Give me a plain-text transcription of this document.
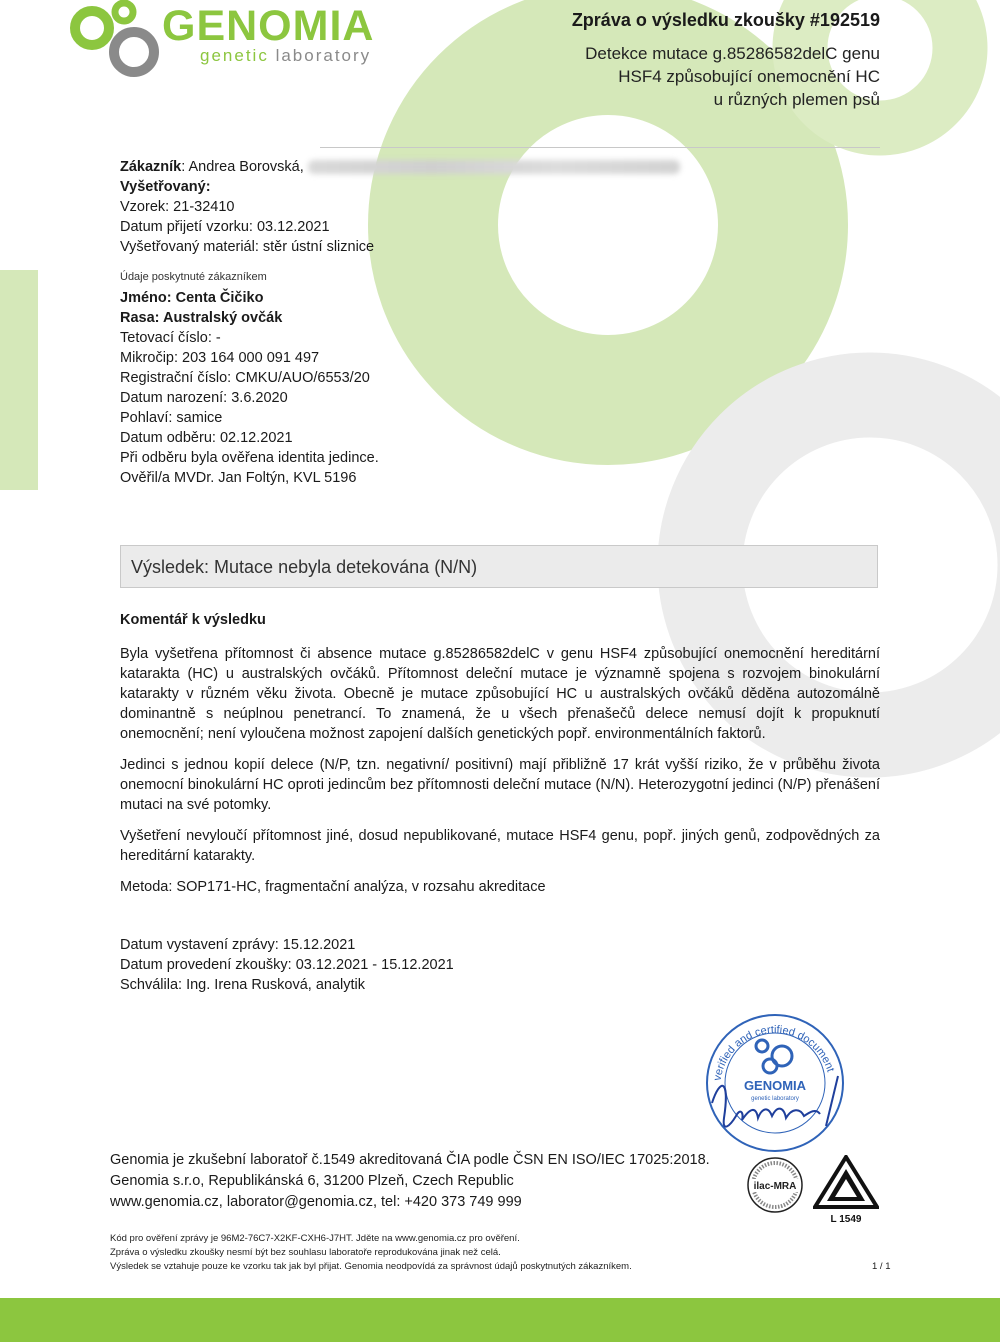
GENOMIA
genetic laboratory
Zpráva o výsledku zkoušky #192519
Detekce mutace g.85286582delC genu
HSF4 způsobující onemocnění HC
u různých plemen psů
Zákazník: Andrea Borovská,
Vyšetřovaný:
Vzorek: 21-32410
Datum přijetí vzorku: 03.12.2021
Vyšetřovaný materiál: stěr ústní sliznice
Údaje poskytnuté zákazníkem
Jméno: Centa Čičiko
Rasa: Australský ovčák
Tetovací číslo: -
Mikročip: 203 164 000 091 497
Registrační číslo: CMKU/AUO/6553/20
Datum narození: 3.6.2020
Pohlaví: samice
Datum odběru: 02.12.2021
Při odběru byla ověřena identita jedince.
Ověřil/a MVDr. Jan Foltýn, KVL 5196
Výsledek: Mutace nebyla detekována (N/N)
Komentář k výsledku

Byla vyšetřena přítomnost či absence mutace g.85286582delC v genu HSF4 způsobující onemocnění hereditární katarakta (HC) u australských ovčáků. Přítomnost deleční mutace je významně spojena s rozvojem binokulární katarakty v různém věku života. Obecně je mutace způsobující HC u australských ovčáků děděna autozomálně dominantně s neúplnou penetrancí. To znamená, že u všech přenašečů delece nemusí dojít k propuknutí onemocnění; není vyloučena možnost zapojení dalších genetických popř. environmentálních faktorů.

Jedinci s jednou kopií delece (N/P, tzn. negativní/ positivní) mají přibližně 17 krát vyšší riziko, že v průběhu života onemocní binokulární HC oproti jedincům bez přítomnosti deleční mutace (N/N). Heterozygotní jedinci (N/P) přenášení mutaci na své potomky.

Vyšetření nevyloučí přítomnost jiné, dosud nepublikované, mutace HSF4 genu, popř. jiných genů, zodpovědných za hereditární katarakty.

Metoda: SOP171-HC, fragmentační analýza, v rozsahu akreditace

Datum vystavení zprávy: 15.12.2021
Datum provedení zkoušky: 03.12.2021 - 15.12.2021
Schválila: Ing. Irena Rusková, analytik
verified and certified document
GENOMIA
genetic laboratory
Genomia je zkušební laboratoř č.1549 akreditovaná ČIA podle ČSN EN ISO/IEC 17025:2018.
Genomia s.r.o, Republikánská 6, 31200 Plzeň, Czech Republic
www.genomia.cz, laborator@genomia.cz, tel: +420 373 749 999
ilac-MRA
L 1549
Kód pro ověření zprávy je 96M2-76C7-X2KF-CXH6-J7HT. Jděte na www.genomia.cz pro ověření.
Zpráva o výsledku zkoušky nesmí být bez souhlasu laboratoře reprodukována jinak než celá.
Výsledek se vztahuje pouze ke vzorku tak jak byl přijat. Genomia neodpovídá za správnost údajů poskytnutých zákazníkem.	1 / 1
